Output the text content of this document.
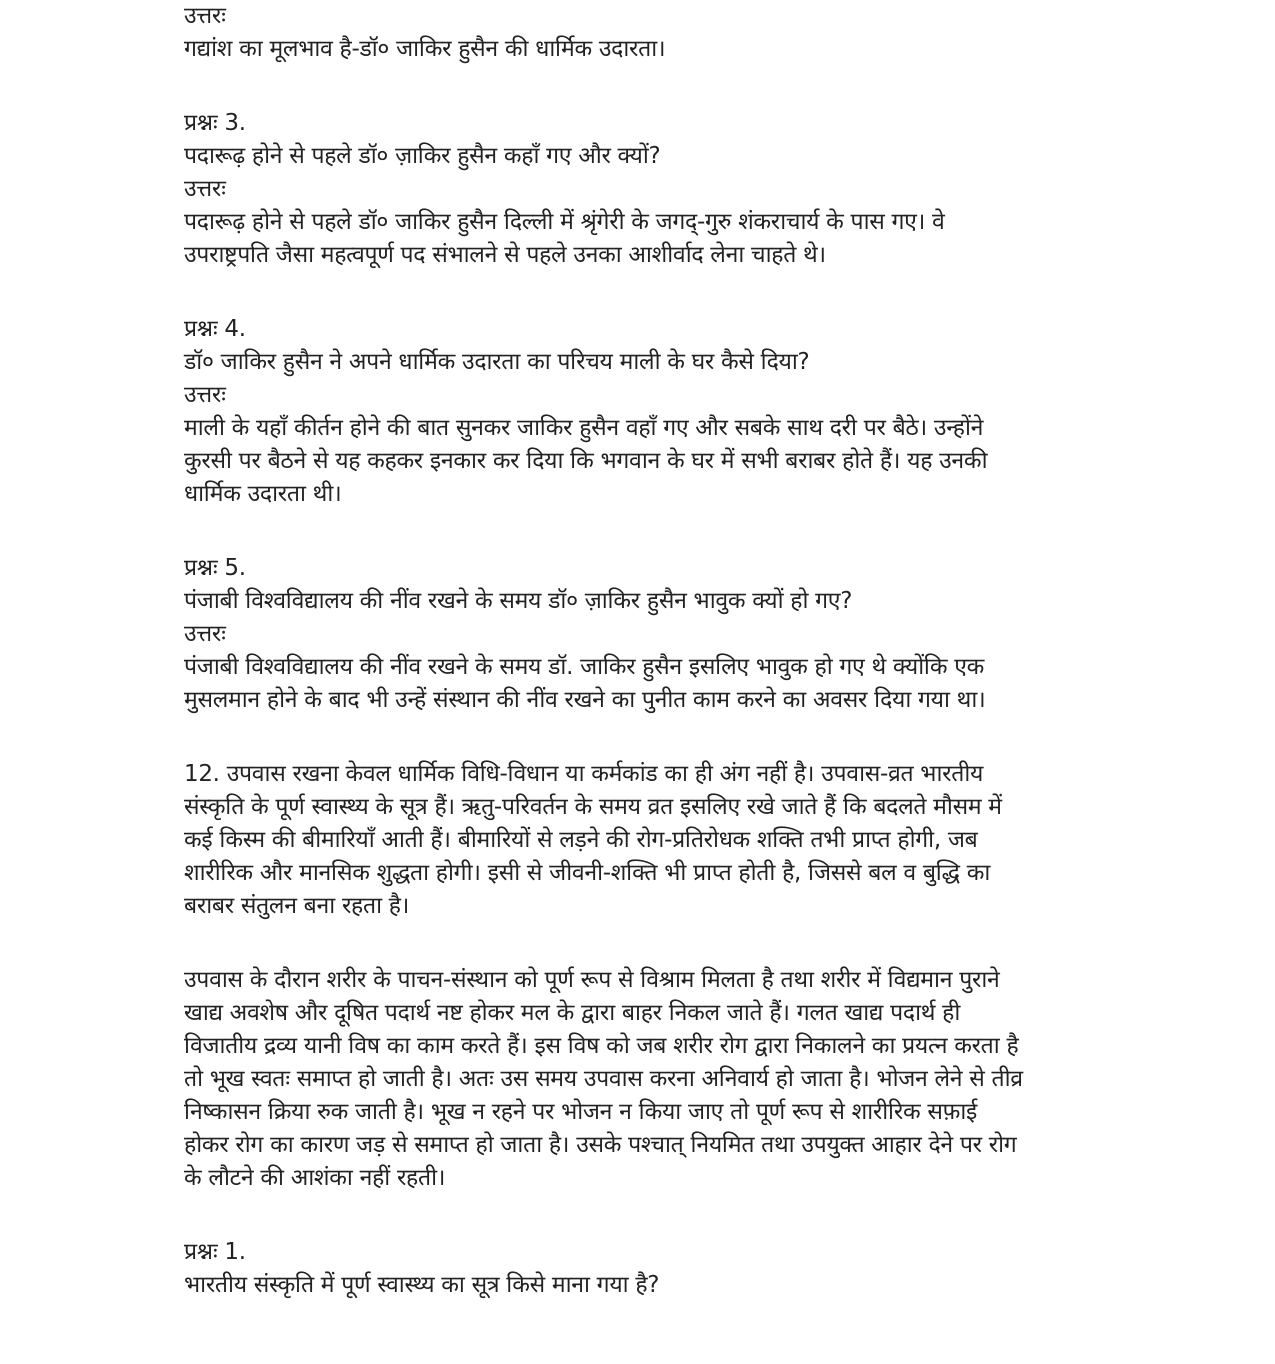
उत्तरः
गद्यांश का मूलभाव है-डॉ० जाकिर हुसैन की धार्मिक उदारता।
प्रश्नः 3.
पदारूढ़ होने से पहले डॉ० ज़ाकिर हुसैन कहाँ गए और क्यों?
उत्तरः
पदारूढ़ होने से पहले डॉ० जाकिर हुसैन दिल्ली में श्रृंगेरी के जगद्-गुरु शंकराचार्य के पास गए। वे
उपराष्ट्रपति जैसा महत्वपूर्ण पद संभालने से पहले उनका आशीर्वाद लेना चाहते थे।
प्रश्नः 4.
डॉ० जाकिर हुसैन ने अपने धार्मिक उदारता का परिचय माली के घर कैसे दिया?
उत्तरः
माली के यहाँ कीर्तन होने की बात सुनकर जाकिर हुसैन वहाँ गए और सबके साथ दरी पर बैठे। उन्होंने
कुरसी पर बैठने से यह कहकर इनकार कर दिया कि भगवान के घर में सभी बराबर होते हैं। यह उनकी
धार्मिक उदारता थी।
प्रश्नः 5.
पंजाबी विश्वविद्यालय की नींव रखने के समय डॉ० ज़ाकिर हुसैन भावुक क्यों हो गए?
उत्तरः
पंजाबी विश्वविद्यालय की नींव रखने के समय डॉ. जाकिर हुसैन इसलिए भावुक हो गए थे क्योंकि एक
मुसलमान होने के बाद भी उन्हें संस्थान की नींव रखने का पुनीत काम करने का अवसर दिया गया था।
12. उपवास रखना केवल धार्मिक विधि-विधान या कर्मकांड का ही अंग नहीं है। उपवास-व्रत भारतीय
संस्कृति के पूर्ण स्वास्थ्य के सूत्र हैं। ऋतु-परिवर्तन के समय व्रत इसलिए रखे जाते हैं कि बदलते मौसम में
कई किस्म की बीमारियाँ आती हैं। बीमारियों से लड़ने की रोग-प्रतिरोधक शक्ति तभी प्राप्त होगी, जब
शारीरिक और मानसिक शुद्धता होगी। इसी से जीवनी-शक्ति भी प्राप्त होती है, जिससे बल व बुद्धि का
बराबर संतुलन बना रहता है।
उपवास के दौरान शरीर के पाचन-संस्थान को पूर्ण रूप से विश्राम मिलता है तथा शरीर में विद्यमान पुराने
खाद्य अवशेष और दूषित पदार्थ नष्ट होकर मल के द्वारा बाहर निकल जाते हैं। गलत खाद्य पदार्थ ही
विजातीय द्रव्य यानी विष का काम करते हैं। इस विष को जब शरीर रोग द्वारा निकालने का प्रयत्न करता है
तो भूख स्वतः समाप्त हो जाती है। अतः उस समय उपवास करना अनिवार्य हो जाता है। भोजन लेने से तीव्र
निष्कासन क्रिया रुक जाती है। भूख न रहने पर भोजन न किया जाए तो पूर्ण रूप से शारीरिक सफ़ाई
होकर रोग का कारण जड़ से समाप्त हो जाता है। उसके पश्चात् नियमित तथा उपयुक्त आहार देने पर रोग
के लौटने की आशंका नहीं रहती।
प्रश्नः 1.
भारतीय संस्कृति में पूर्ण स्वास्थ्य का सूत्र किसे माना गया है?
